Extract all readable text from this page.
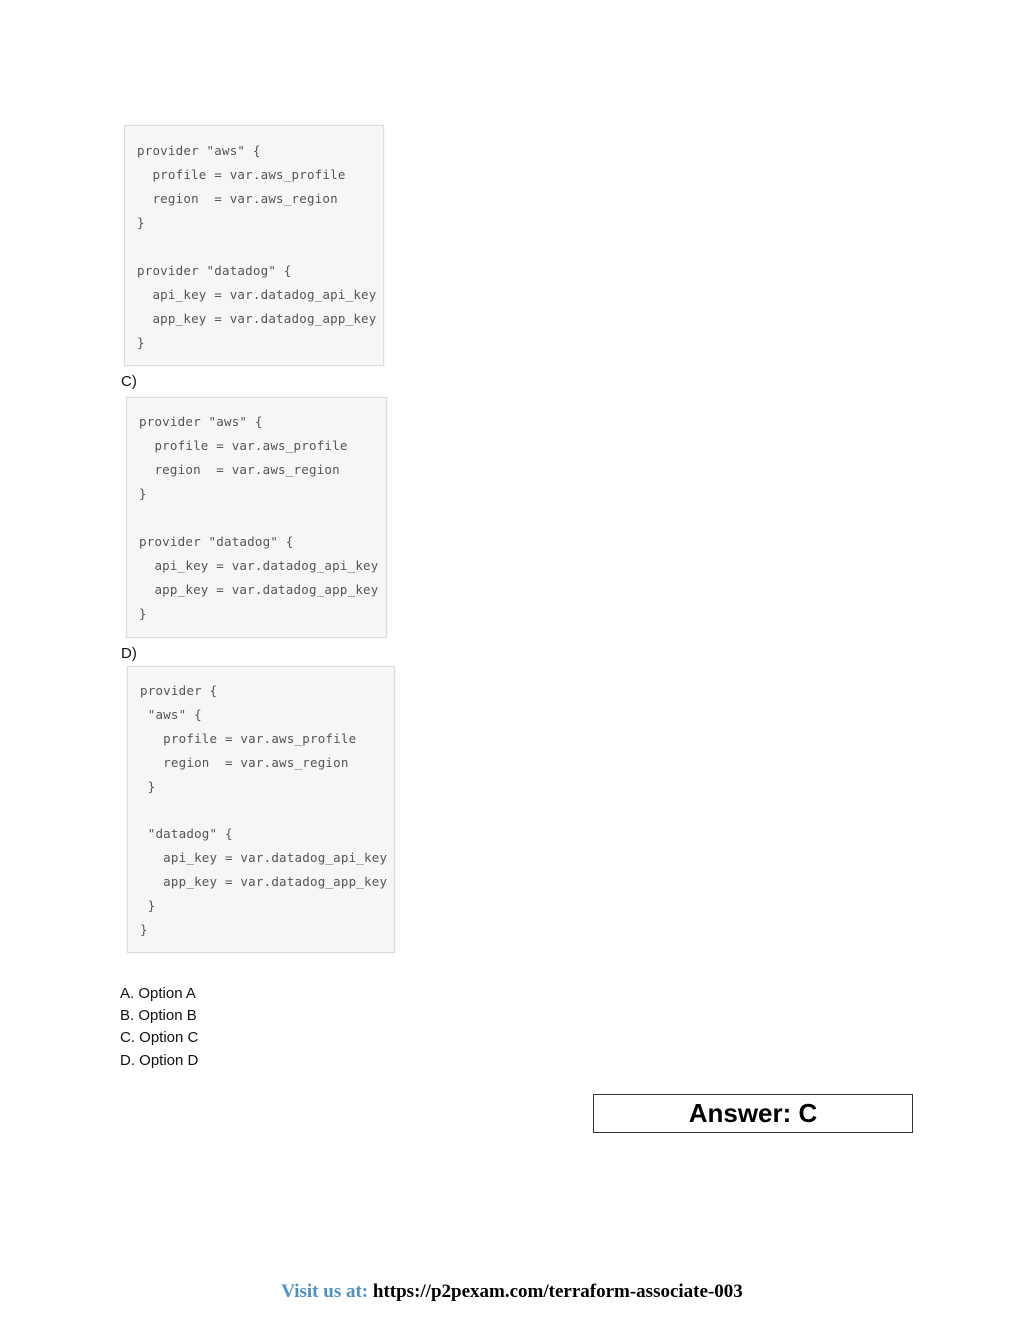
provider "aws" {
profile = var.aws_profile
region  = var.aws_region
}
provider "datadog" {
api_key = var.datadog_api_key
app_key = var.datadog_app_key
}
C)
provider "aws" {
profile = var.aws_profile
region  = var.aws_region
}
provider "datadog" {
api_key = var.datadog_api_key
app_key = var.datadog_app_key
}
D)
provider {
"aws" {
profile = var.aws_profile
region  = var.aws_region
}
"datadog" {
api_key = var.datadog_api_key
app_key = var.datadog_app_key
}
}
A. Option A
B. Option B
C. Option C
D. Option D
Answer: C
Visit us at: https://p2pexam.com/terraform-associate-003
